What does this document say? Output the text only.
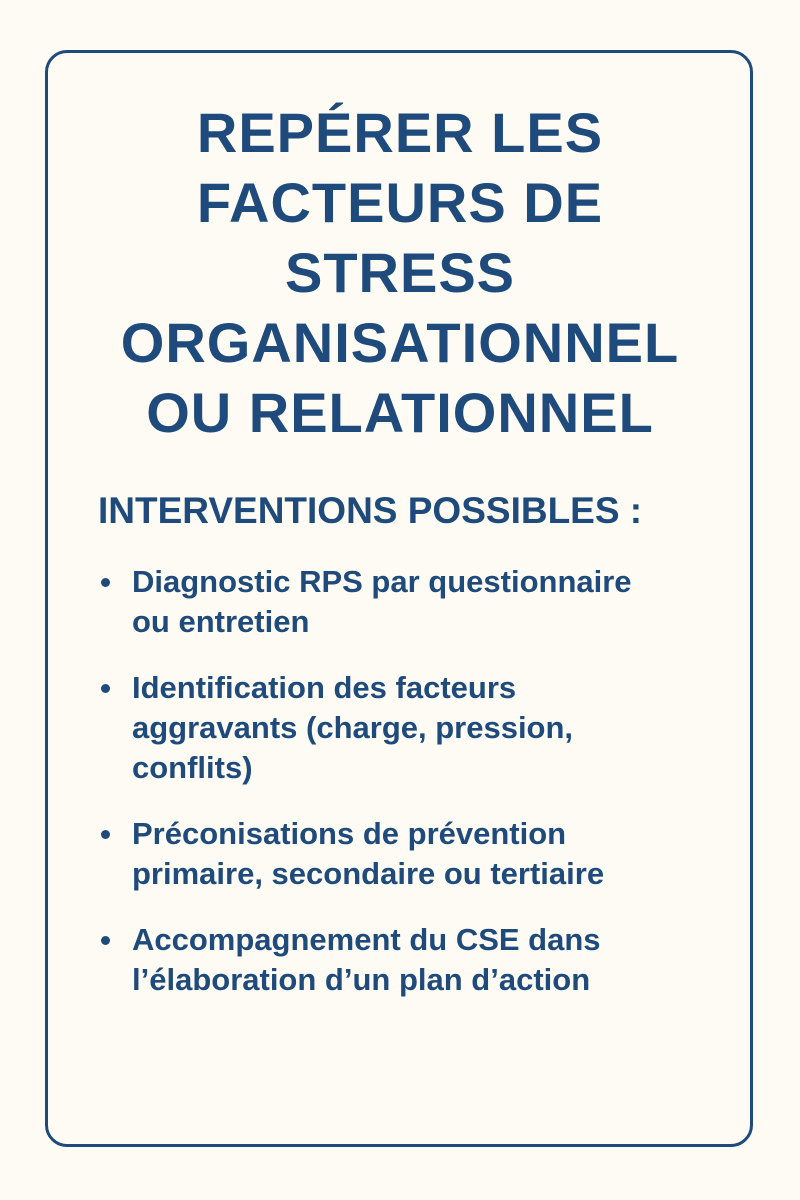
REPÉRER LES
FACTEURS DE
STRESS
ORGANISATIONNEL
OU RELATIONNEL
INTERVENTIONS POSSIBLES :
Diagnostic RPS par questionnaire
ou entretien
Identification des facteurs
aggravants (charge, pression,
conflits)
Préconisations de prévention
primaire, secondaire ou tertiaire
Accompagnement du CSE dans
l’élaboration d’un plan d’action
